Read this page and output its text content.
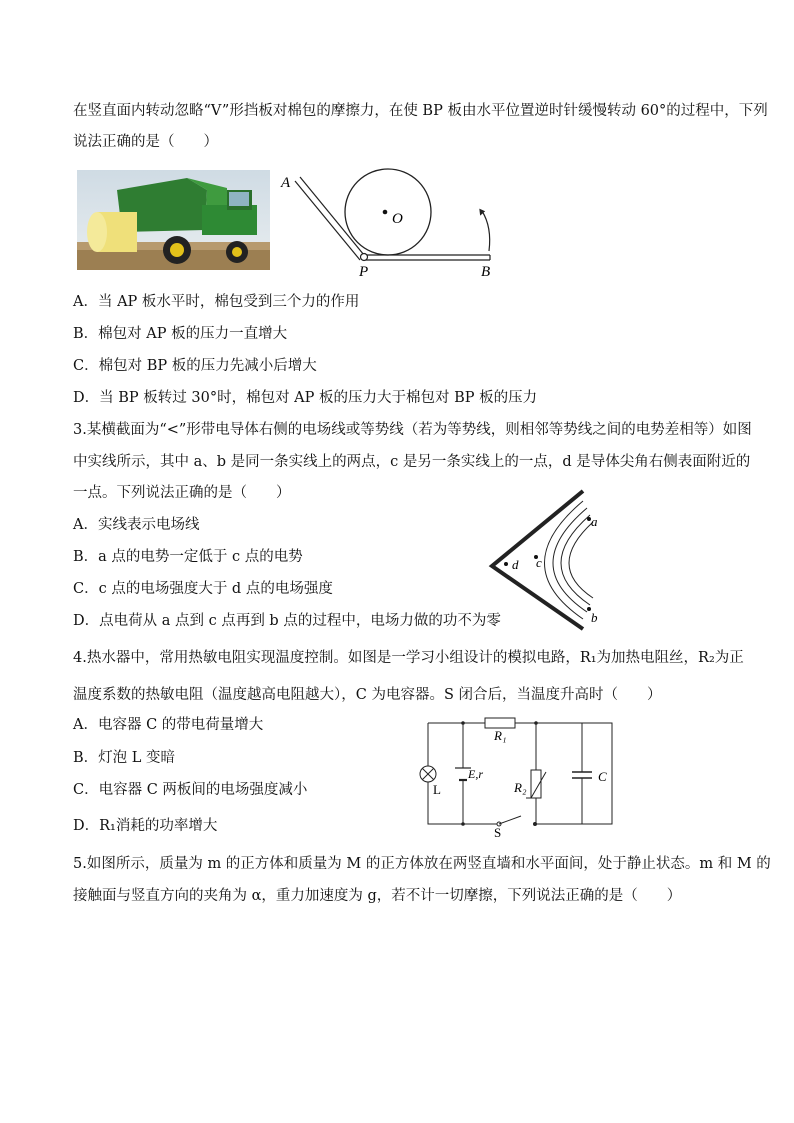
在竖直面内转动忽略“V”形挡板对棉包的摩擦力，在使 BP 板由水平位置逆时针缓慢转动 60°的过程中，下列
说法正确的是（　　）
A
O
P	B
A．当 AP 板水平时，棉包受到三个力的作用
B．棉包对 AP 板的压力一直增大
C．棉包对 BP 板的压力先减小后增大
D．当 BP 板转过 30°时，棉包对 AP 板的压力大于棉包对 BP 板的压力
3.某横截面为“<”形带电导体右侧的电场线或等势线（若为等势线，则相邻等势线之间的电势差相等）如图
中实线所示，其中 a、b 是同一条实线上的两点，c 是另一条实线上的一点，d 是导体尖角右侧表面附近的
一点。下列说法正确的是（　　）
A．实线表示电场线
B．a 点的电势一定低于 c 点的电势
C．c 点的电场强度大于 d 点的电场强度
D．点电荷从 a 点到 c 点再到 b 点的过程中，电场力做的功不为零
a
b
c
d
4.热水器中，常用热敏电阻实现温度控制。如图是一学习小组设计的模拟电路，R₁为加热电阻丝，R₂为正
温度系数的热敏电阻（温度越高电阻越大），C 为电容器。S 闭合后，当温度升高时（　　）
A．电容器 C 的带电荷量增大
B．灯泡 L 变暗
C．电容器 C 两板间的电场强度减小
D．R₁消耗的功率增大
R₁
R₂
C
E,r
L
S
5.如图所示，质量为 m 的正方体和质量为 M 的正方体放在两竖直墙和水平面间，处于静止状态。m 和 M 的
接触面与竖直方向的夹角为 α，重力加速度为 g，若不计一切摩擦，下列说法正确的是（　　）
